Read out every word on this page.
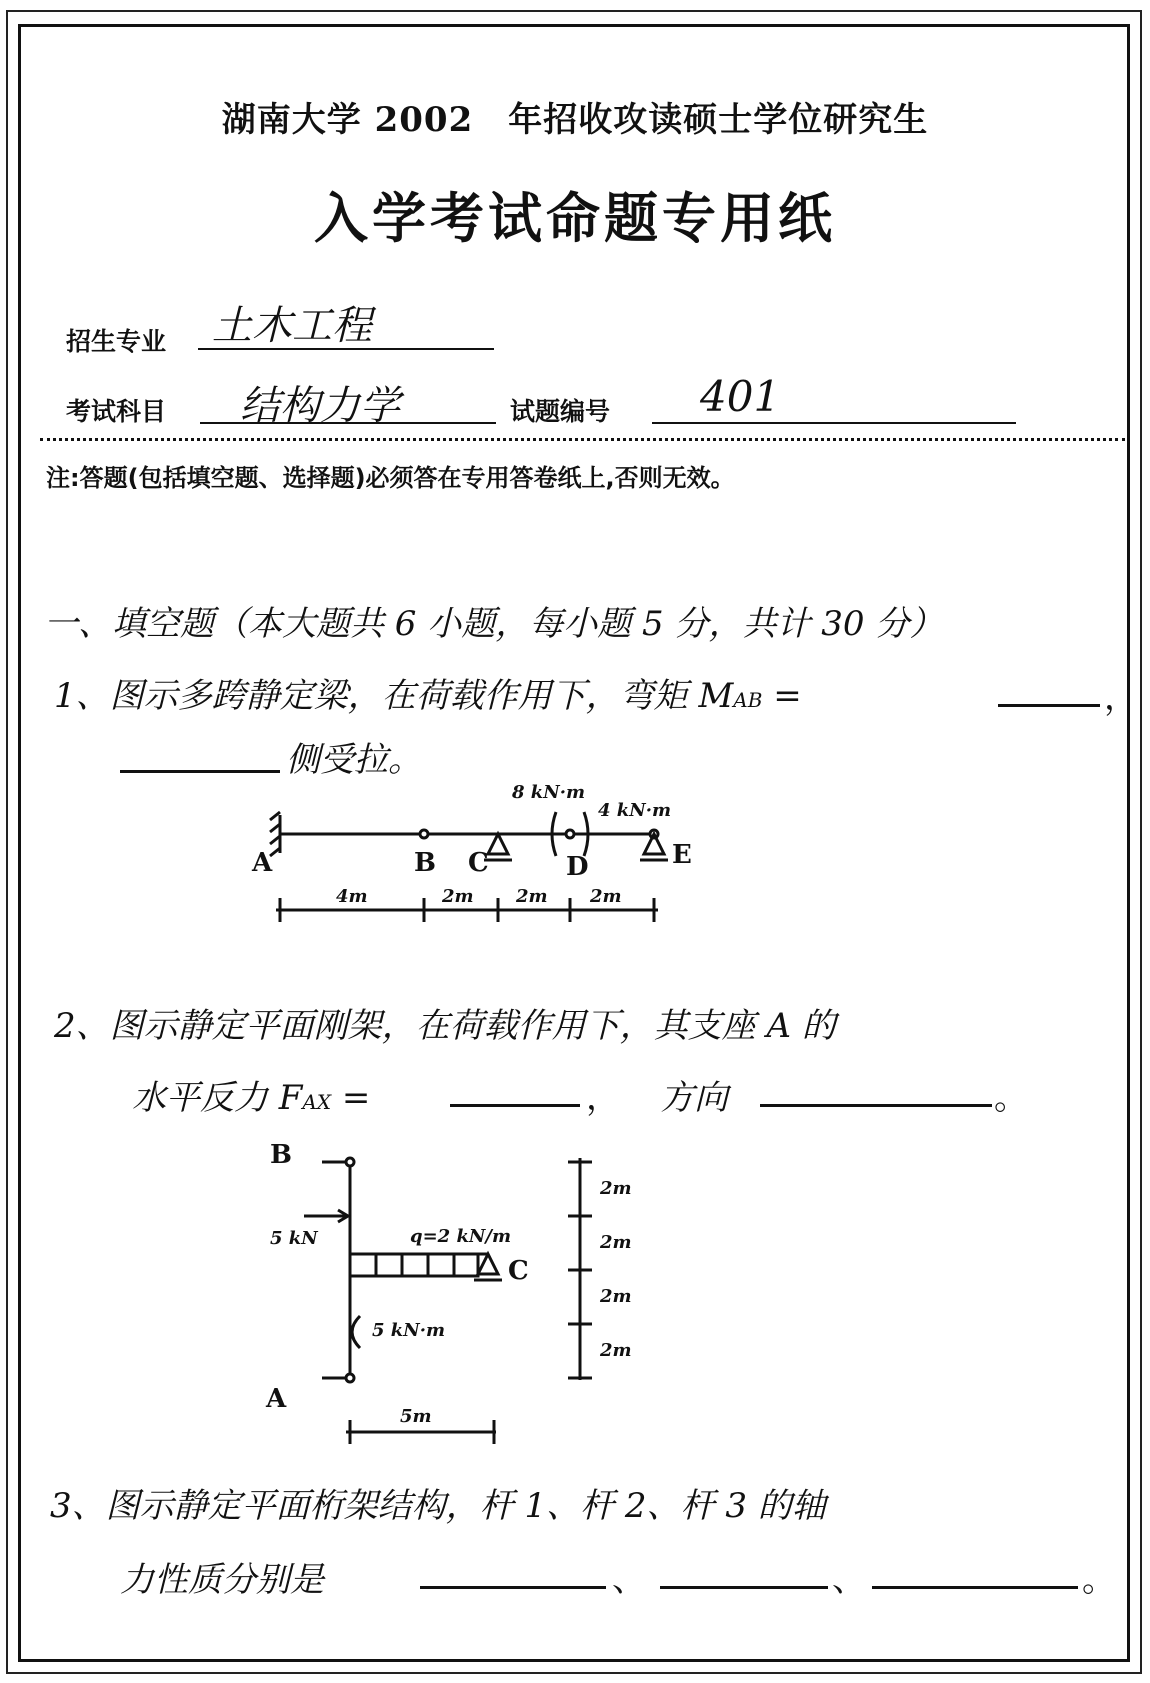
湖南大学 2002　年招收攻读硕士学位研究生
入学考试命题专用纸
招生专业 土木工程
考试科目 结构力学	试题编号 401
注:答题(包括填空题、选择题)必须答在专用答卷纸上,否则无效。
一、填空题（本大题共 6 小题，每小题 5 分，共计 30 分）
1、图示多跨静定梁，在荷载作用下，弯矩 MAB =	，
侧受拉。
A	B C	D	E
8 kN·m
4 kN·m
4m	2m 2m 2m
2、图示静定平面刚架，在荷载作用下，其支座 A 的
水平反力 FAX =	， 方向	。
B
C
A
5 kN	q=2 kN/m
5 kN·m
5m
2m
2m
2m
2m
3、图示静定平面桁架结构，杆 1、杆 2、杆 3 的轴
力性质分别是	、	、	。
